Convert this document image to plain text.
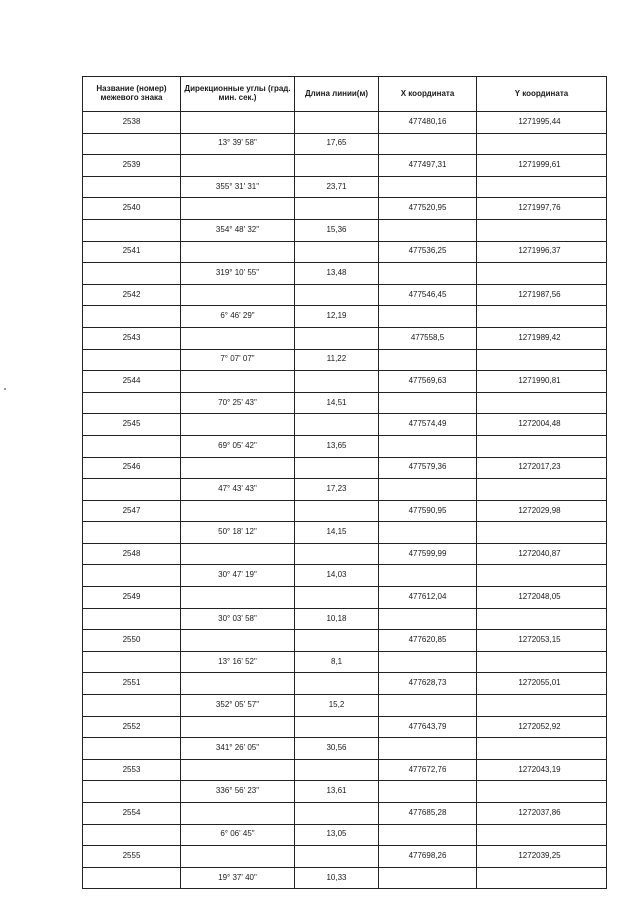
Название (номер) межевого знака	Дирекционные углы (град. мин. сек.)	Длина линии(м)	X координата	Y координата
2538			477480,16	1271995,44
	13° 39' 58"	17,65		
2539			477497,31	1271999,61
	355° 31' 31"	23,71		
2540			477520,95	1271997,76
	354° 48' 32"	15,36		
2541			477536,25	1271996,37
	319° 10' 55"	13,48		
2542			477546,45	1271987,56
	6° 46' 29"	12,19		
2543			477558,5	1271989,42
	7° 07' 07"	11,22		
2544			477569,63	1271990,81
	70° 25' 43"	14,51		
2545			477574,49	1272004,48
	69° 05' 42"	13,65		
2546			477579,36	1272017,23
	47° 43' 43"	17,23		
2547			477590,95	1272029,98
	50° 18' 12"	14,15		
2548			477599,99	1272040,87
	30° 47' 19"	14,03		
2549			477612,04	1272048,05
	30° 03' 58"	10,18		
2550			477620,85	1272053,15
	13° 16' 52"	8,1		
2551			477628,73	1272055,01
	352° 05' 57"	15,2		
2552			477643,79	1272052,92
	341° 26' 05"	30,56		
2553			477672,76	1272043,19
	336° 56' 23"	13,61		
2554			477685,28	1272037,86
	6° 06' 45"	13,05		
2555			477698,26	1272039,25
	19° 37' 40"	10,33		
